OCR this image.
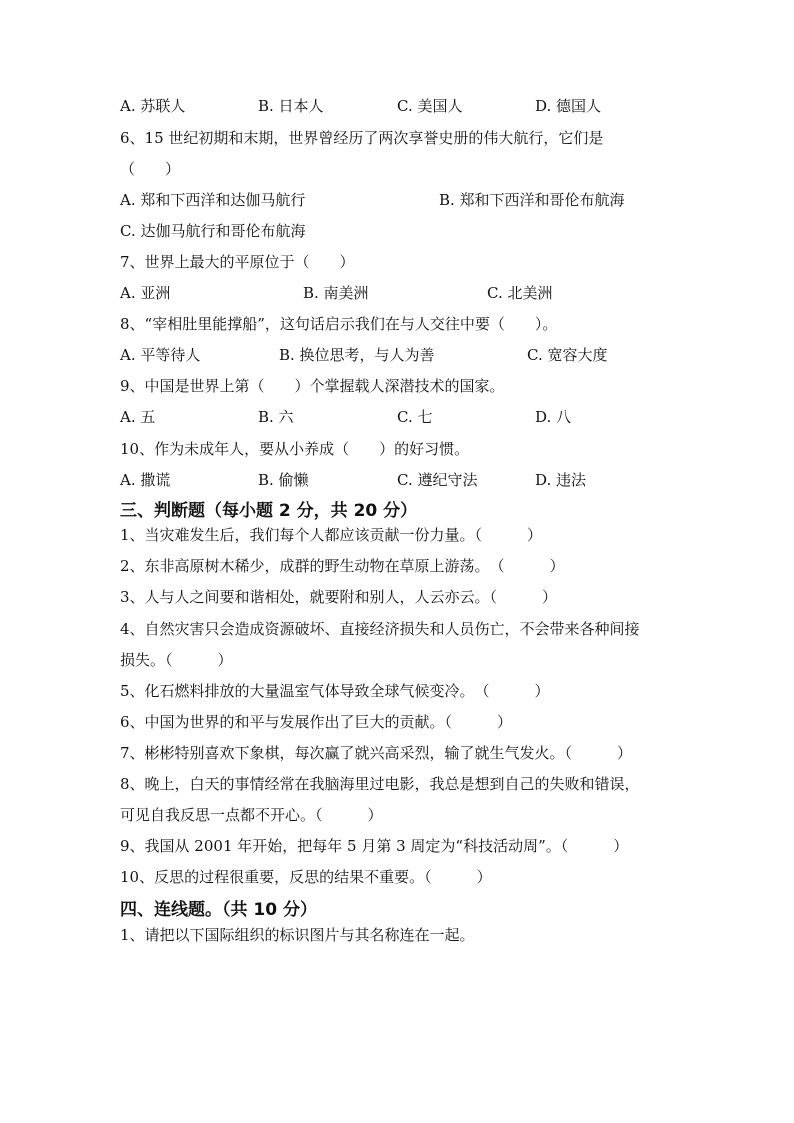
A. 苏联人	B. 日本人	C. 美国人	D. 德国人
6、15 世纪初期和末期，世界曾经历了两次享誉史册的伟大航行，它们是
（　　）
A. 郑和下西洋和达伽马航行	B. 郑和下西洋和哥伦布航海
C. 达伽马航行和哥伦布航海
7、世界上最大的平原位于（　　）
A. 亚洲	B. 南美洲	C. 北美洲
8、“宰相肚里能撑船”，这句话启示我们在与人交往中要（　　）。
A. 平等待人	B. 换位思考，与人为善	C. 宽容大度
9、中国是世界上第（　　）个掌握载人深潜技术的国家。
A. 五	B. 六	C. 七	D. 八
10、作为未成年人，要从小养成（　　）的好习惯。
A. 撒谎	B. 偷懒	C. 遵纪守法	D. 违法
三、判断题（每小题 2 分，共 20 分）
1、当灾难发生后，我们每个人都应该贡献一份力量。（　　　）
2、东非高原树木稀少，成群的野生动物在草原上游荡。　（　　　）
3、人与人之间要和谐相处，就要附和别人，人云亦云。（　　　）
4、自然灾害只会造成资源破坏、直接经济损失和人员伤亡，不会带来各种间接
损失。（　　　）
5、化石燃料排放的大量温室气体导致全球气候变冷。　（　　　）
6、中国为世界的和平与发展作出了巨大的贡献。（　　　）
7、彬彬特别喜欢下象棋，每次赢了就兴高采烈，输了就生气发火。（　　　）
8、晚上，白天的事情经常在我脑海里过电影，我总是想到自己的失败和错误，
可见自我反思一点都不开心。（　　　）
9、我国从 2001 年开始，把每年 5 月第 3 周定为“科技活动周”。（　　　）
10、反思的过程很重要，反思的结果不重要。（　　　）
四、连线题。（共 10 分）
1、请把以下国际组织的标识图片与其名称连在一起。
